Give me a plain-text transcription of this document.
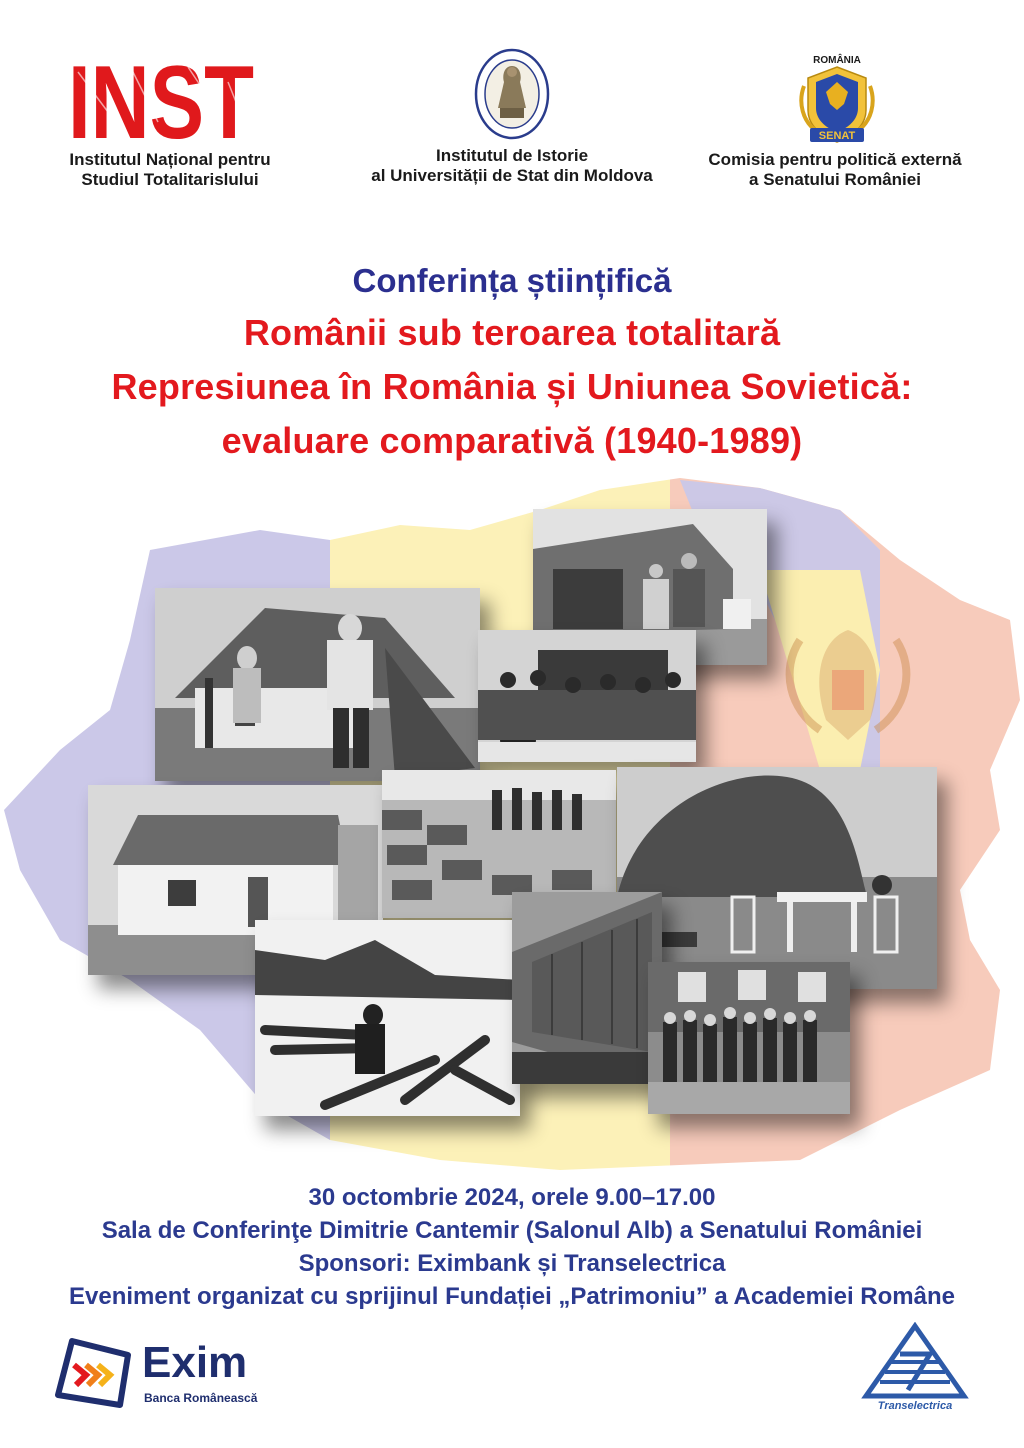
INST
Institutul Național pentru
Studiul Totalitarislului
Institutul de Istorie
al Universității de Stat din Moldova
ROMÂNIA
SENAT
Comisia pentru politică externă
a Senatului României
Conferința științifică
Românii sub teroarea totalitară
Represiunea în România și Uniunea Sovietică:
evaluare comparativă (1940-1989)
30 octombrie 2024, orele 9.00–17.00
Sala de Conferinţe Dimitrie Cantemir (Salonul Alb) a Senatului României
Sponsori: Eximbank și Transelectrica
Eveniment organizat cu sprijinul Fundației „Patrimoniu” a Academiei Române
Exim
Banca Românească
Transelectrica
